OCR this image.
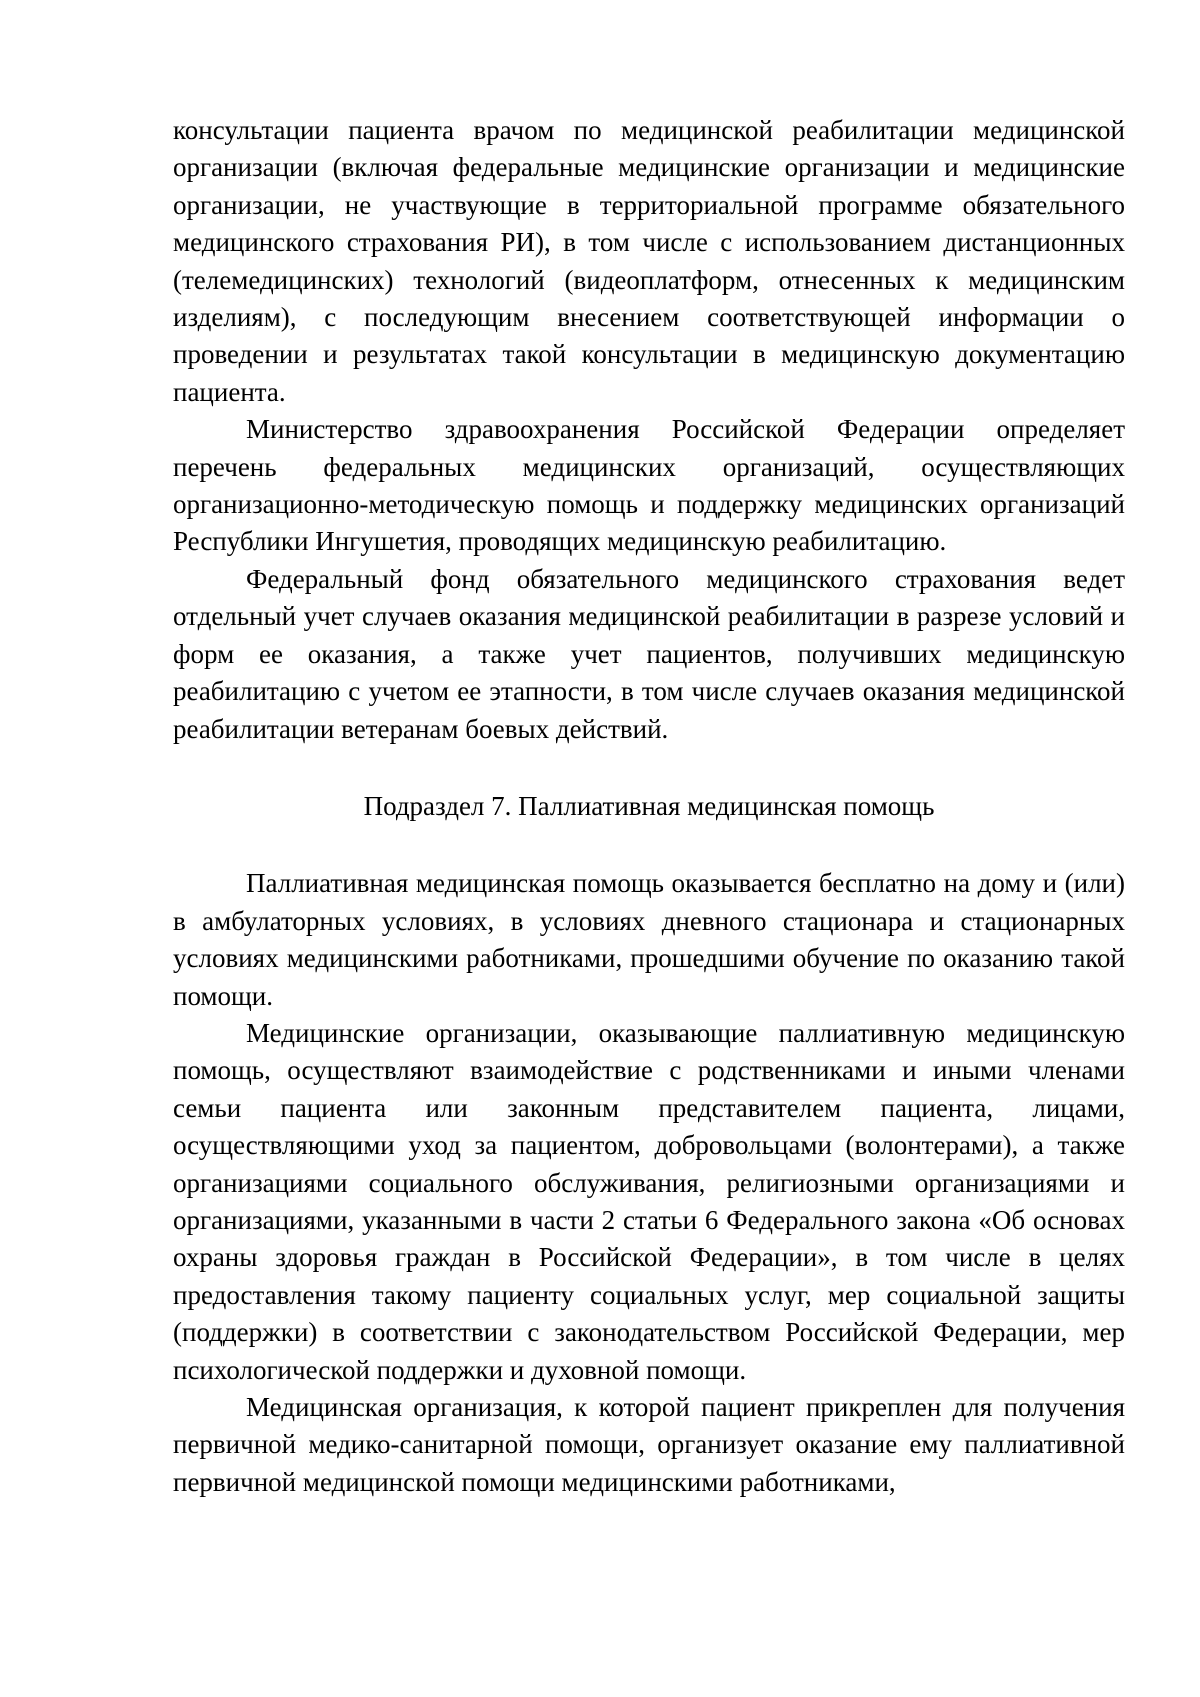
консультации пациента врачом по медицинской реабилитации медицинской организации (включая федеральные медицинские организации и медицинские организации, не участвующие в территориальной программе обязательного медицинского страхования РИ), в том числе с использованием дистанционных (телемедицинских) технологий (видеоплатформ, отнесенных к медицинским изделиям), с последующим внесением соответствующей информации о проведении и результатах такой консультации в медицинскую документацию пациента.

Министерство здравоохранения Российской Федерации определяет перечень федеральных медицинских организаций, осуществляющих организационно-методическую помощь и поддержку медицинских организаций Республики Ингушетия, проводящих медицинскую реабилитацию.

Федеральный фонд обязательного медицинского страхования ведет отдельный учет случаев оказания медицинской реабилитации в разрезе условий и форм ее оказания, а также учет пациентов, получивших медицинскую реабилитацию с учетом ее этапности, в том числе случаев оказания медицинской реабилитации ветеранам боевых действий.

Подраздел 7. Паллиативная медицинская помощь

Паллиативная медицинская помощь оказывается бесплатно на дому и (или) в амбулаторных условиях, в условиях дневного стационара и стационарных условиях медицинскими работниками, прошедшими обучение по оказанию такой помощи.

Медицинские организации, оказывающие паллиативную медицинскую помощь, осуществляют взаимодействие с родственниками и иными членами семьи пациента или законным представителем пациента, лицами, осуществляющими уход за пациентом, добровольцами (волонтерами), а также организациями социального обслуживания, религиозными организациями и организациями, указанными в части 2 статьи 6 Федерального закона «Об основах охраны здоровья граждан в Российской Федерации», в том числе в целях предоставления такому пациенту социальных услуг, мер социальной защиты (поддержки) в соответствии с законодательством Российской Федерации, мер психологической поддержки и духовной помощи.

Медицинская организация, к которой пациент прикреплен для получения первичной медико-санитарной помощи, организует оказание ему паллиативной первичной медицинской помощи медицинскими работниками,
